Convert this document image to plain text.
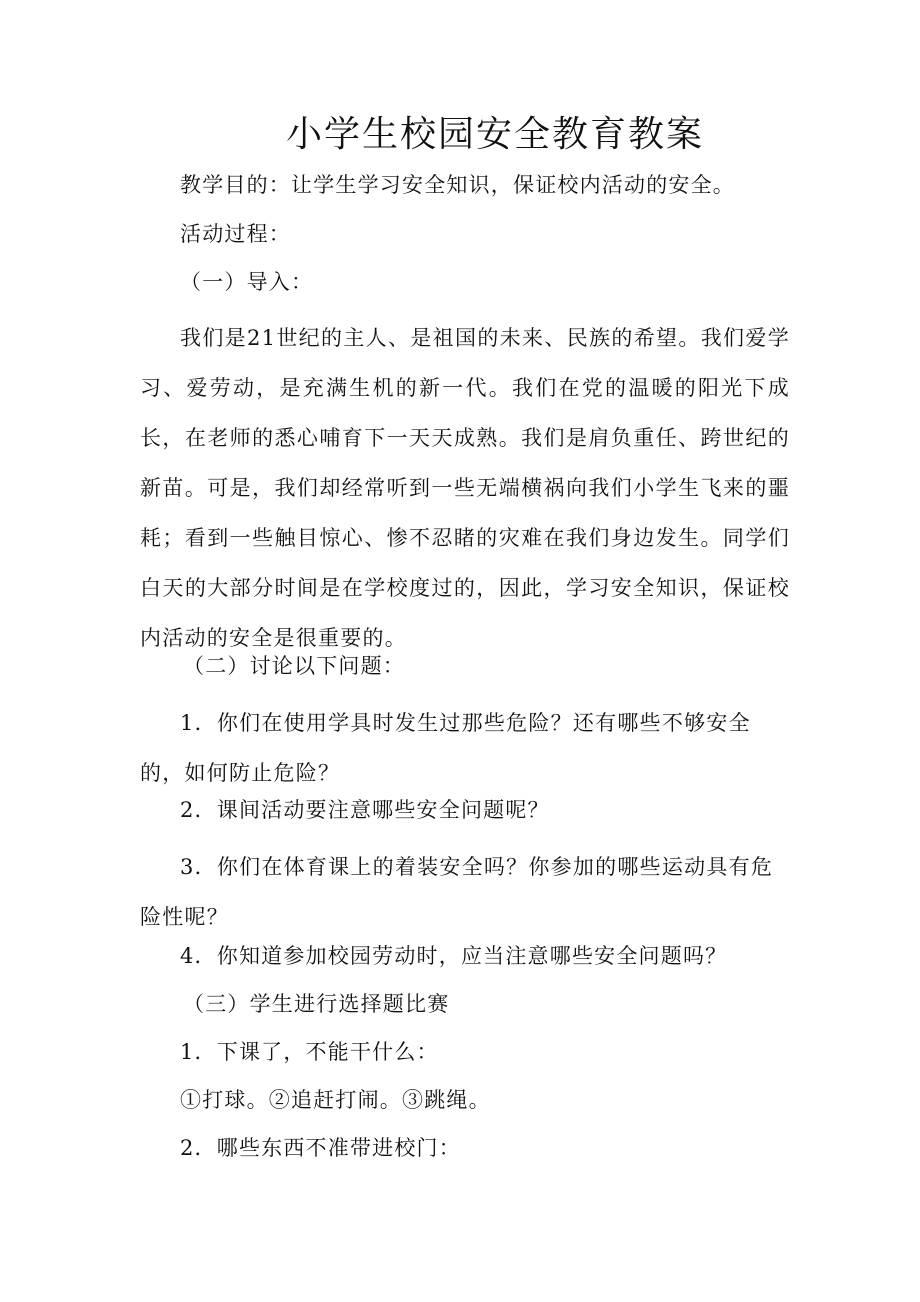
小学生校园安全教育教案
教学目的：让学生学习安全知识，保证校内活动的安全。
活动过程：
（一）导入：
我们是21世纪的主人、是祖国的未来、民族的希望。我们爱学习、爱劳动，是充满生机的新一代。我们在党的温暖的阳光下成长，在老师的悉心哺育下一天天成熟。我们是肩负重任、跨世纪的新苗。可是，我们却经常听到一些无端横祸向我们小学生飞来的噩耗；看到一些触目惊心、惨不忍睹的灾难在我们身边发生。同学们白天的大部分时间是在学校度过的，因此，学习安全知识，保证校内活动的安全是很重要的。
（二）讨论以下问题：
1．你们在使用学具时发生过那些危险？还有哪些不够安全的，如何防止危险？
2．课间活动要注意哪些安全问题呢？
3．你们在体育课上的着装安全吗？你参加的哪些运动具有危险性呢？
4．你知道参加校园劳动时，应当注意哪些安全问题吗？
（三）学生进行选择题比赛
1．下课了，不能干什么：
①打球。②追赶打闹。③跳绳。
2．哪些东西不准带进校门：
